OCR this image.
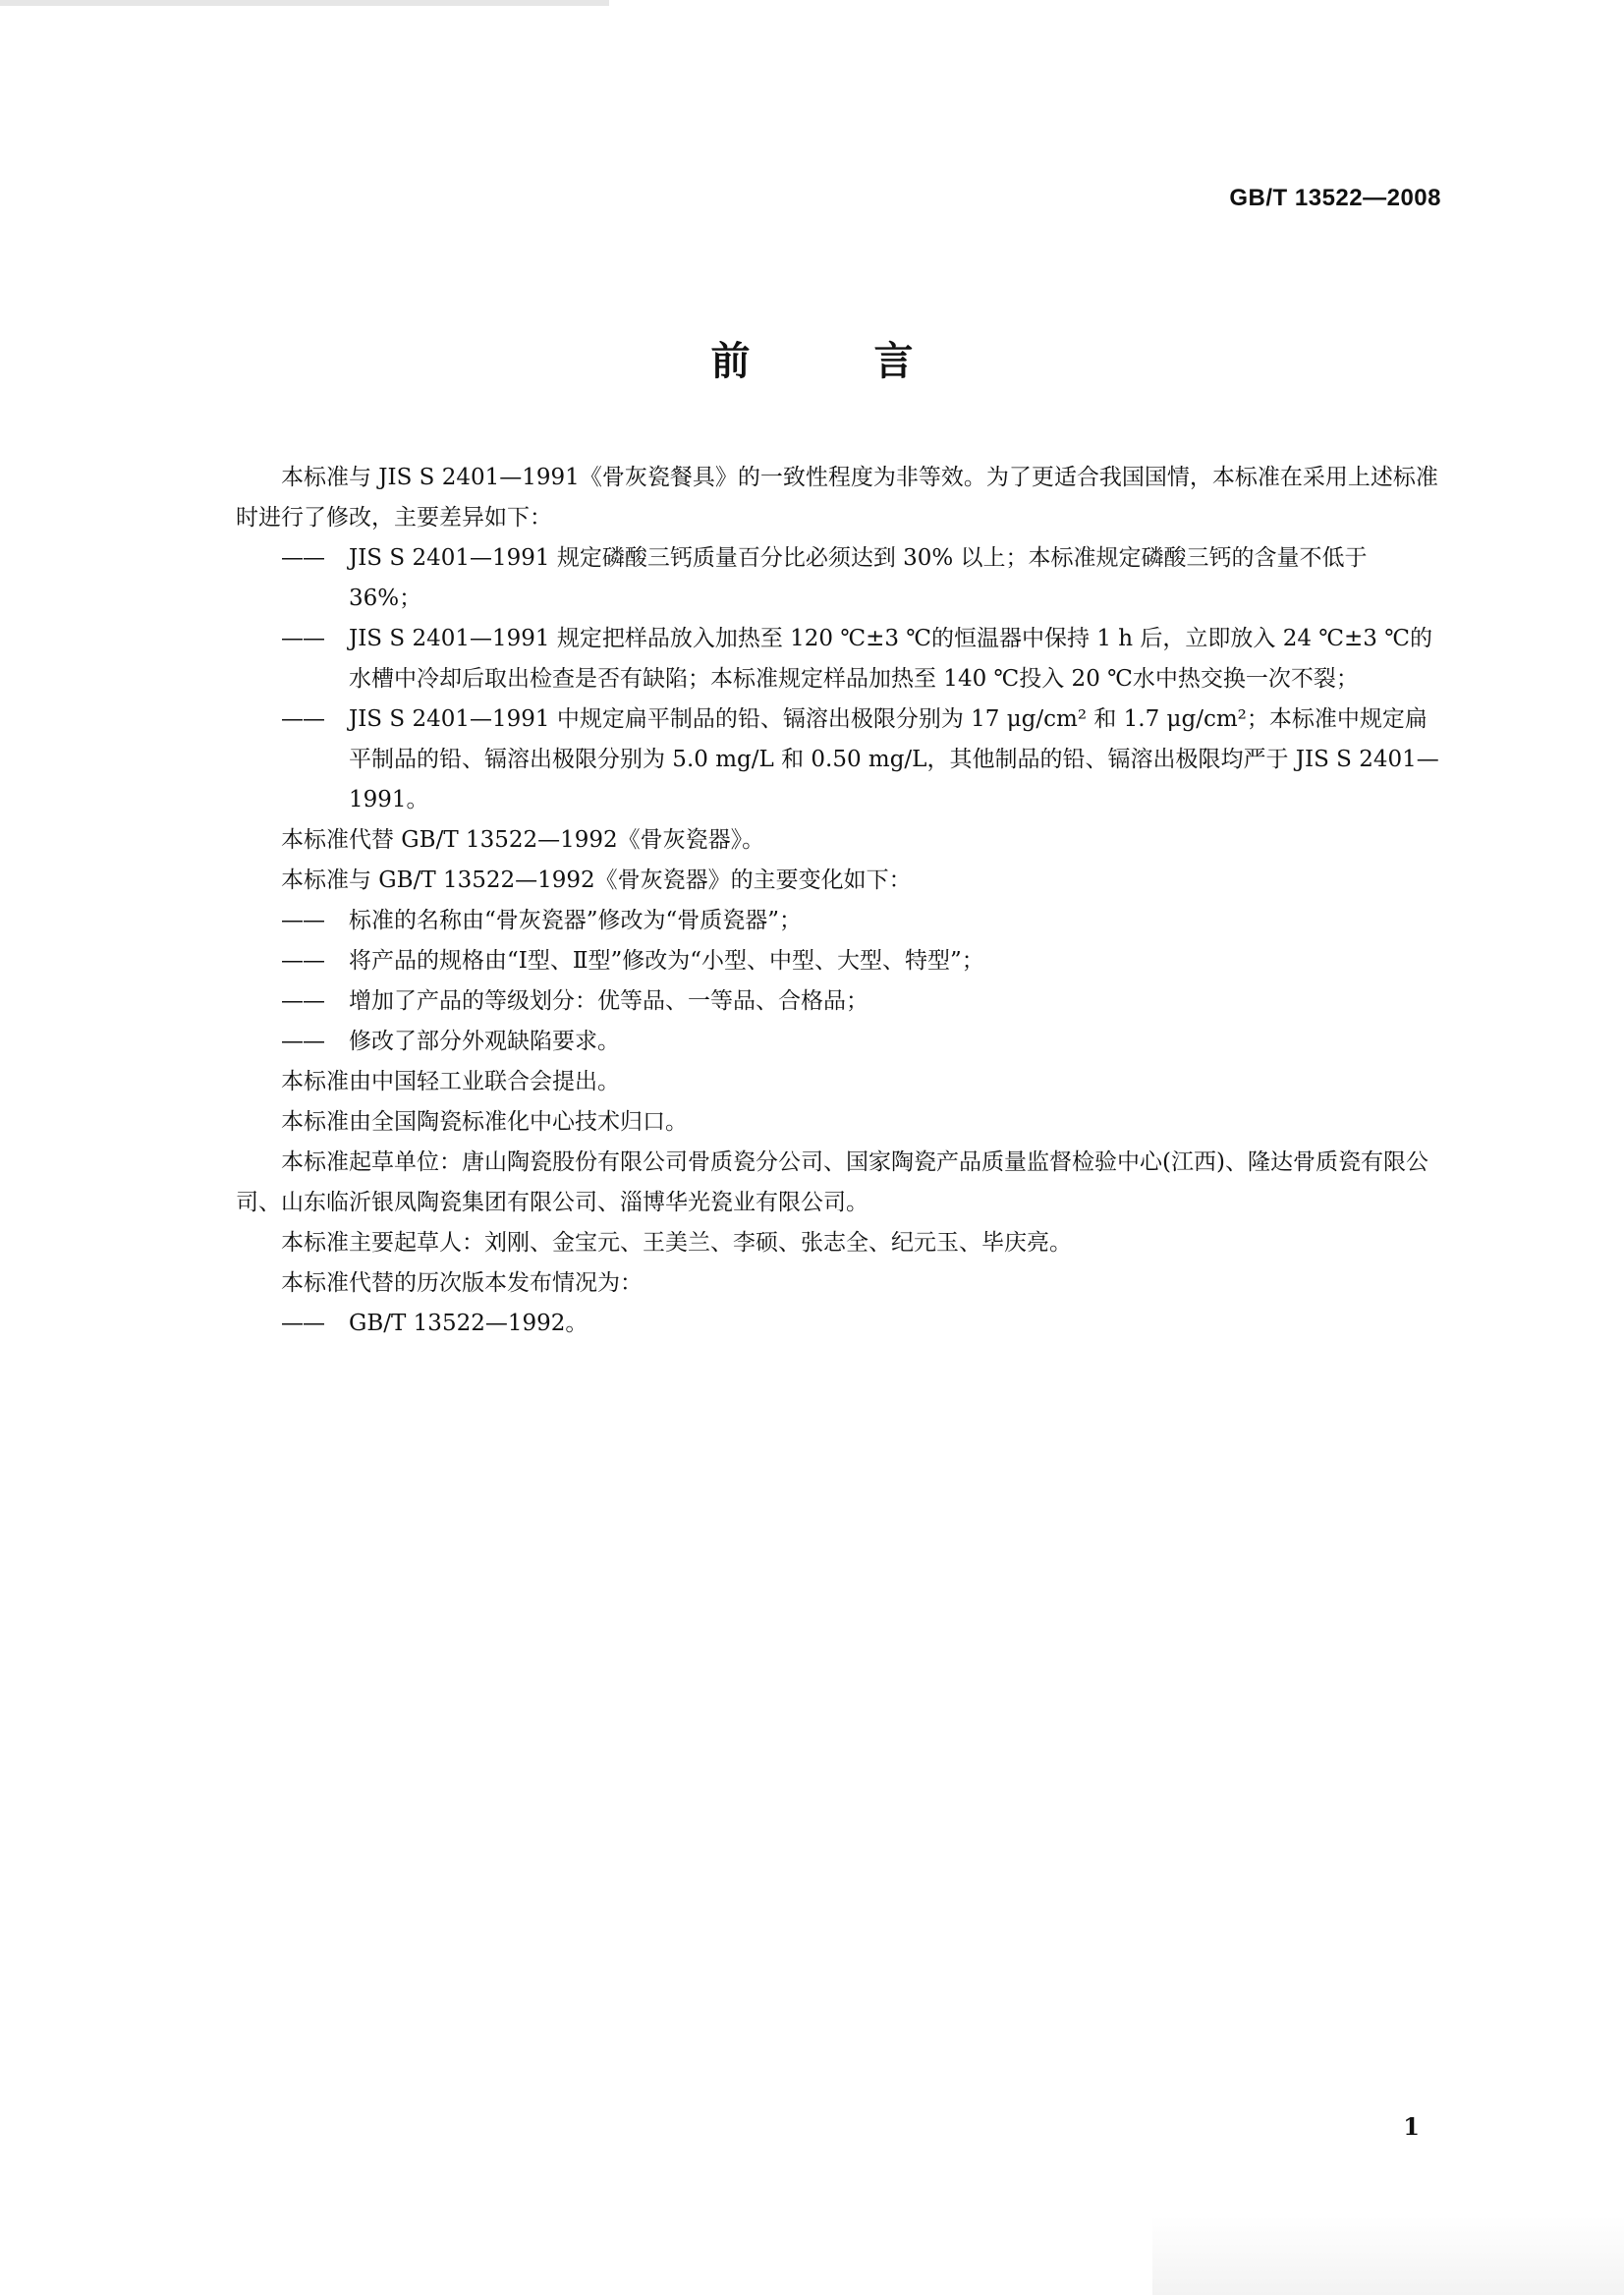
GB/T 13522—2008
前 言

本标准与 JIS S 2401—1991《骨灰瓷餐具》的一致性程度为非等效。为了更适合我国国情，本标准在采用上述标准时进行了修改，主要差异如下：

——	JIS S 2401—1991 规定磷酸三钙质量百分比必须达到 30% 以上；本标准规定磷酸三钙的含量不低于 36%；
——	JIS S 2401—1991 规定把样品放入加热至 120 ℃±3 ℃的恒温器中保持 1 h 后，立即放入 24 ℃±3 ℃的水槽中冷却后取出检查是否有缺陷；本标准规定样品加热至 140 ℃投入 20 ℃水中热交换一次不裂；
——	JIS S 2401—1991 中规定扁平制品的铅、镉溶出极限分别为 17 μg/cm² 和 1.7 μg/cm²；本标准中规定扁平制品的铅、镉溶出极限分别为 5.0 mg/L 和 0.50 mg/L，其他制品的铅、镉溶出极限均严于 JIS S 2401—1991。

本标准代替 GB/T 13522—1992《骨灰瓷器》。

本标准与 GB/T 13522—1992《骨灰瓷器》的主要变化如下：

——	标准的名称由“骨灰瓷器”修改为“骨质瓷器”；
——	将产品的规格由“Ⅰ型、Ⅱ型”修改为“小型、中型、大型、特型”；
——	增加了产品的等级划分：优等品、一等品、合格品；
——	修改了部分外观缺陷要求。

本标准由中国轻工业联合会提出。

本标准由全国陶瓷标准化中心技术归口。

本标准起草单位：唐山陶瓷股份有限公司骨质瓷分公司、国家陶瓷产品质量监督检验中心(江西)、隆达骨质瓷有限公司、山东临沂银凤陶瓷集团有限公司、淄博华光瓷业有限公司。

本标准主要起草人：刘刚、金宝元、王美兰、李硕、张志全、纪元玉、毕庆亮。

本标准代替的历次版本发布情况为：

——	GB/T 13522—1992。
1
